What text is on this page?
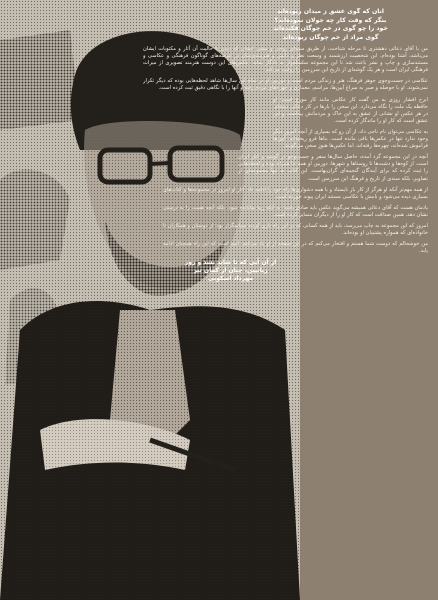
انان که گوی عشق ز میدان ربوده‌اند
بنگر که وقت کار چه جولان نموده‌اند؟
خود را چو گوی در خم چوگان فکنده‌اند
گوی مراد از خم چوگان ربوده‌اند

من با آقای دعائی دهشتری تا مرحله شناخت، از طریق سیمای روحی و مشی ایشان که دیدن با حالیت آن آثار و مکتوبات ایشان می‌باشد، آشنا بوده‌ام. این شخصیت ارزشمند و وسعت نظر و دانش و هنرمندی‌شان در عرصه‌های گوناگون فرهنگی و عکاسی و مستندسازی و چاپ و نشر باعث شد تا این مجموعه سلسله‌وار به یادگار بماند. عکس‌های این دوست هنرمند تصویری از میراث فرهنگی ایران است و هر یک گوشه‌ای از تاریخ این سرزمین را روایت می‌کند.

عکاسی در جست‌وجوی جوهر فرهنگ، هنر و زندگی مردم است و دوربین او در تمام این سال‌ها شاهد لحظه‌هایی بوده که دیگر تکرار نمی‌شوند. او با حوصله و صبر به سراغ آیین‌ها، مراسم، معماری و چهره‌های مردم رفته و آنها را با نگاهی دقیق ثبت کرده است.

ابرج افشار روزی به من گفت کار عکاس مانند کار مورخ است؛ او حافظه یک ملت را نگاه می‌دارد. این سخن را بارها در کار دعائی دیده‌ام. در هر عکس او نشانی از عشق به این خاک و مردمانش پیداست و این عشق است که کار او را ماندگار کرده است.

به عکاسی می‌توان نام ناجی داد، از آن رو که بسیاری از آنچه امروز دیگر وجود ندارد تنها در عکس‌ها باقی مانده است. بناها فرو ریخته‌اند، آیین‌ها فراموش شده‌اند، چهره‌ها رفته‌اند، اما عکس‌ها هنوز سخن می‌گویند.

آنچه در این مجموعه گرد آمده، حاصل سال‌ها سفر و جست‌وجو در گوشه و کنار ایران است. از کوه‌ها و دشت‌ها تا روستاها و شهرها، دوربین او همه جا همراه بوده و لحظه‌هایی را ثبت کرده که برای آیندگان گنجینه‌ای گران‌بهاست. این کتاب نه تنها مجموعه‌ای از تصاویر، بلکه سندی از تاریخ و فرهنگ این سرزمین است.

از همه مهم‌تر آنکه او هرگز از کار باز نایستاد و با همه دشواری‌ها راه خود را ادامه داد. آثار او امروز در مجموعه‌ها و کتاب‌های بسیاری دیده می‌شود و نامش با عکاسی مستند ایران پیوند خورده است.

یادمان هست که آقای دعائی همیشه می‌گوید عکس باید صادق باشد؛ نه آنکه زیبا نمایانده شود، بلکه آنچه هست را به درستی نشان دهد. همین صداقت است که کار او را از دیگران متمایز کرده است.

امروز که این مجموعه به چاپ می‌رسد، باید از همه کسانی که در این راه یاری کردند سپاسگزار بود؛ از دوستان و همکاران تا خانواده‌ای که همواره پشتیبان او بوده‌اند.

من خوشحالم که دوست شما هستم و افتخار می‌کنم که در این صفحه از او یاد می‌کنم. امید است که این راه همچنان ادامه یابد.

از آن آبی که تا شاید نشد و روز
زبانیین، چنان از کمان تیر
مهرداد اسکویی
